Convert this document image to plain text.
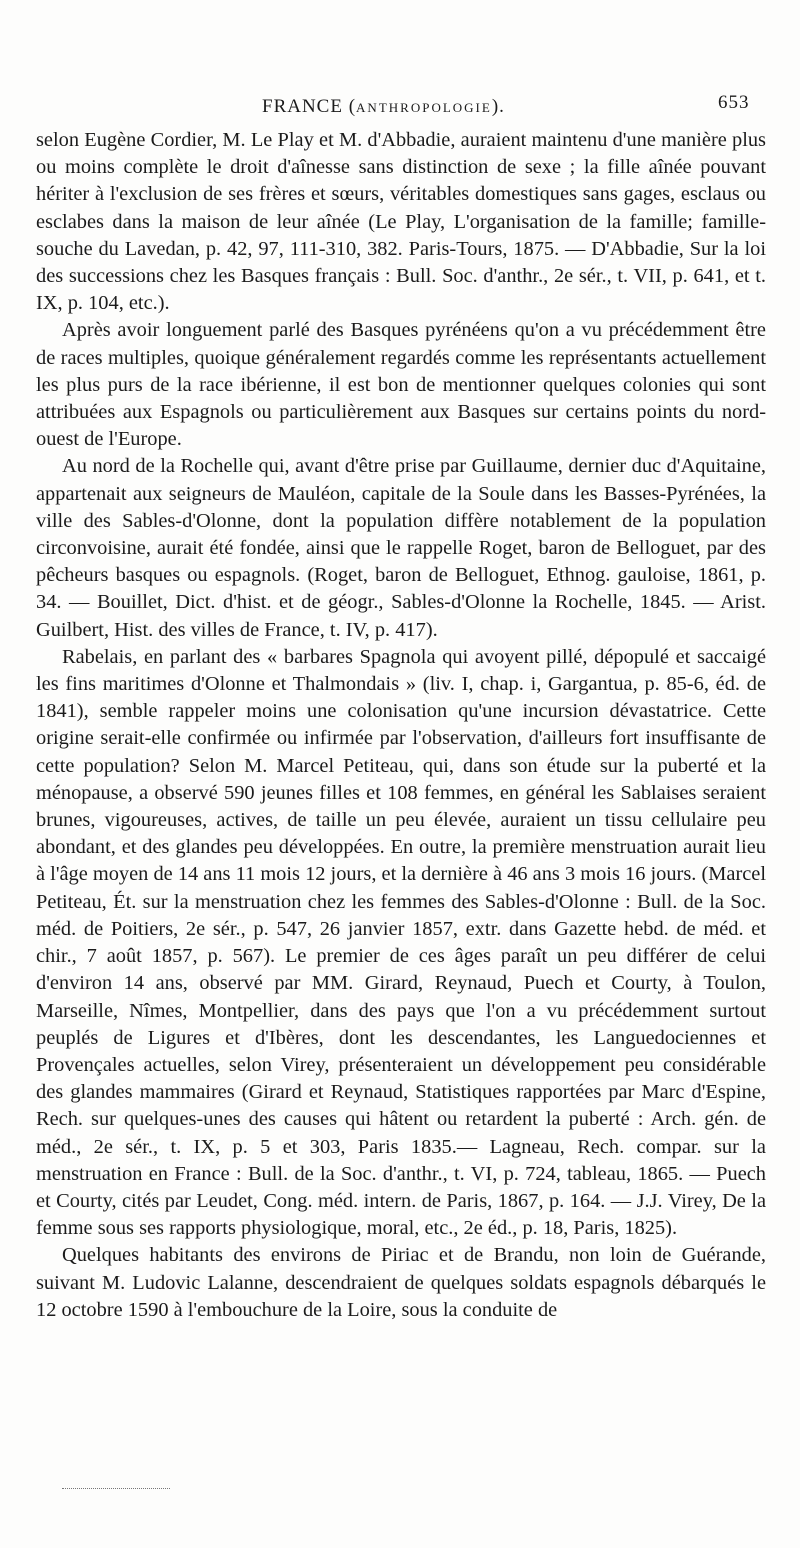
FRANCE (ANTHROPOLOGIE).	653

selon Eugène Cordier, M. Le Play et M. d'Abbadie, auraient maintenu d'une manière plus ou moins complète le droit d'aînesse sans distinction de sexe ; la fille aînée pouvant hériter à l'exclusion de ses frères et sœurs, véritables domestiques sans gages, esclaus ou esclabes dans la maison de leur aînée (Le Play, L'organisation de la famille; famille-souche du Lavedan, p. 42, 97, 111-310, 382. Paris-Tours, 1875. — D'Abbadie, Sur la loi des successions chez les Basques français : Bull. Soc. d'anthr., 2e sér., t. VII, p. 641, et t. IX, p. 104, etc.).

Après avoir longuement parlé des Basques pyrénéens qu'on a vu précédemment être de races multiples, quoique généralement regardés comme les représentants actuellement les plus purs de la race ibérienne, il est bon de mentionner quelques colonies qui sont attribuées aux Espagnols ou particulièrement aux Basques sur certains points du nord-ouest de l'Europe.

Au nord de la Rochelle qui, avant d'être prise par Guillaume, dernier duc d'Aquitaine, appartenait aux seigneurs de Mauléon, capitale de la Soule dans les Basses-Pyrénées, la ville des Sables-d'Olonne, dont la population diffère notablement de la population circonvoisine, aurait été fondée, ainsi que le rappelle Roget, baron de Belloguet, par des pêcheurs basques ou espagnols. (Roget, baron de Belloguet, Ethnog. gauloise, 1861, p. 34. — Bouillet, Dict. d'hist. et de géogr., Sables-d'Olonne la Rochelle, 1845. — Arist. Guilbert, Hist. des villes de France, t. IV, p. 417).

Rabelais, en parlant des « barbares Spagnola qui avoyent pillé, dépopulé et saccaigé les fins maritimes d'Olonne et Thalmondais » (liv. I, chap. i, Gargantua, p. 85-6, éd. de 1841), semble rappeler moins une colonisation qu'une incursion dévastatrice. Cette origine serait-elle confirmée ou infirmée par l'observation, d'ailleurs fort insuffisante de cette population? Selon M. Marcel Petiteau, qui, dans son étude sur la puberté et la ménopause, a observé 590 jeunes filles et 108 femmes, en général les Sablaises seraient brunes, vigoureuses, actives, de taille un peu élevée, auraient un tissu cellulaire peu abondant, et des glandes peu développées. En outre, la première menstruation aurait lieu à l'âge moyen de 14 ans 11 mois 12 jours, et la dernière à 46 ans 3 mois 16 jours. (Marcel Petiteau, Ét. sur la menstruation chez les femmes des Sables-d'Olonne : Bull. de la Soc. méd. de Poitiers, 2e sér., p. 547, 26 janvier 1857, extr. dans Gazette hebd. de méd. et chir., 7 août 1857, p. 567). Le premier de ces âges paraît un peu différer de celui d'environ 14 ans, observé par MM. Girard, Reynaud, Puech et Courty, à Toulon, Marseille, Nîmes, Montpellier, dans des pays que l'on a vu précédemment surtout peuplés de Ligures et d'Ibères, dont les descendantes, les Languedociennes et Provençales actuelles, selon Virey, présenteraient un développement peu considérable des glandes mammaires (Girard et Reynaud, Statistiques rapportées par Marc d'Espine, Rech. sur quelques-unes des causes qui hâtent ou retardent la puberté : Arch. gén. de méd., 2e sér., t. IX, p. 5 et 303, Paris 1835.— Lagneau, Rech. compar. sur la menstruation en France : Bull. de la Soc. d'anthr., t. VI, p. 724, tableau, 1865. — Puech et Courty, cités par Leudet, Cong. méd. intern. de Paris, 1867, p. 164. — J.J. Virey, De la femme sous ses rapports physiologique, moral, etc., 2e éd., p. 18, Paris, 1825).

Quelques habitants des environs de Piriac et de Brandu, non loin de Guérande, suivant M. Ludovic Lalanne, descendraient de quelques soldats espagnols débarqués le 12 octobre 1590 à l'embouchure de la Loire, sous la conduite de
